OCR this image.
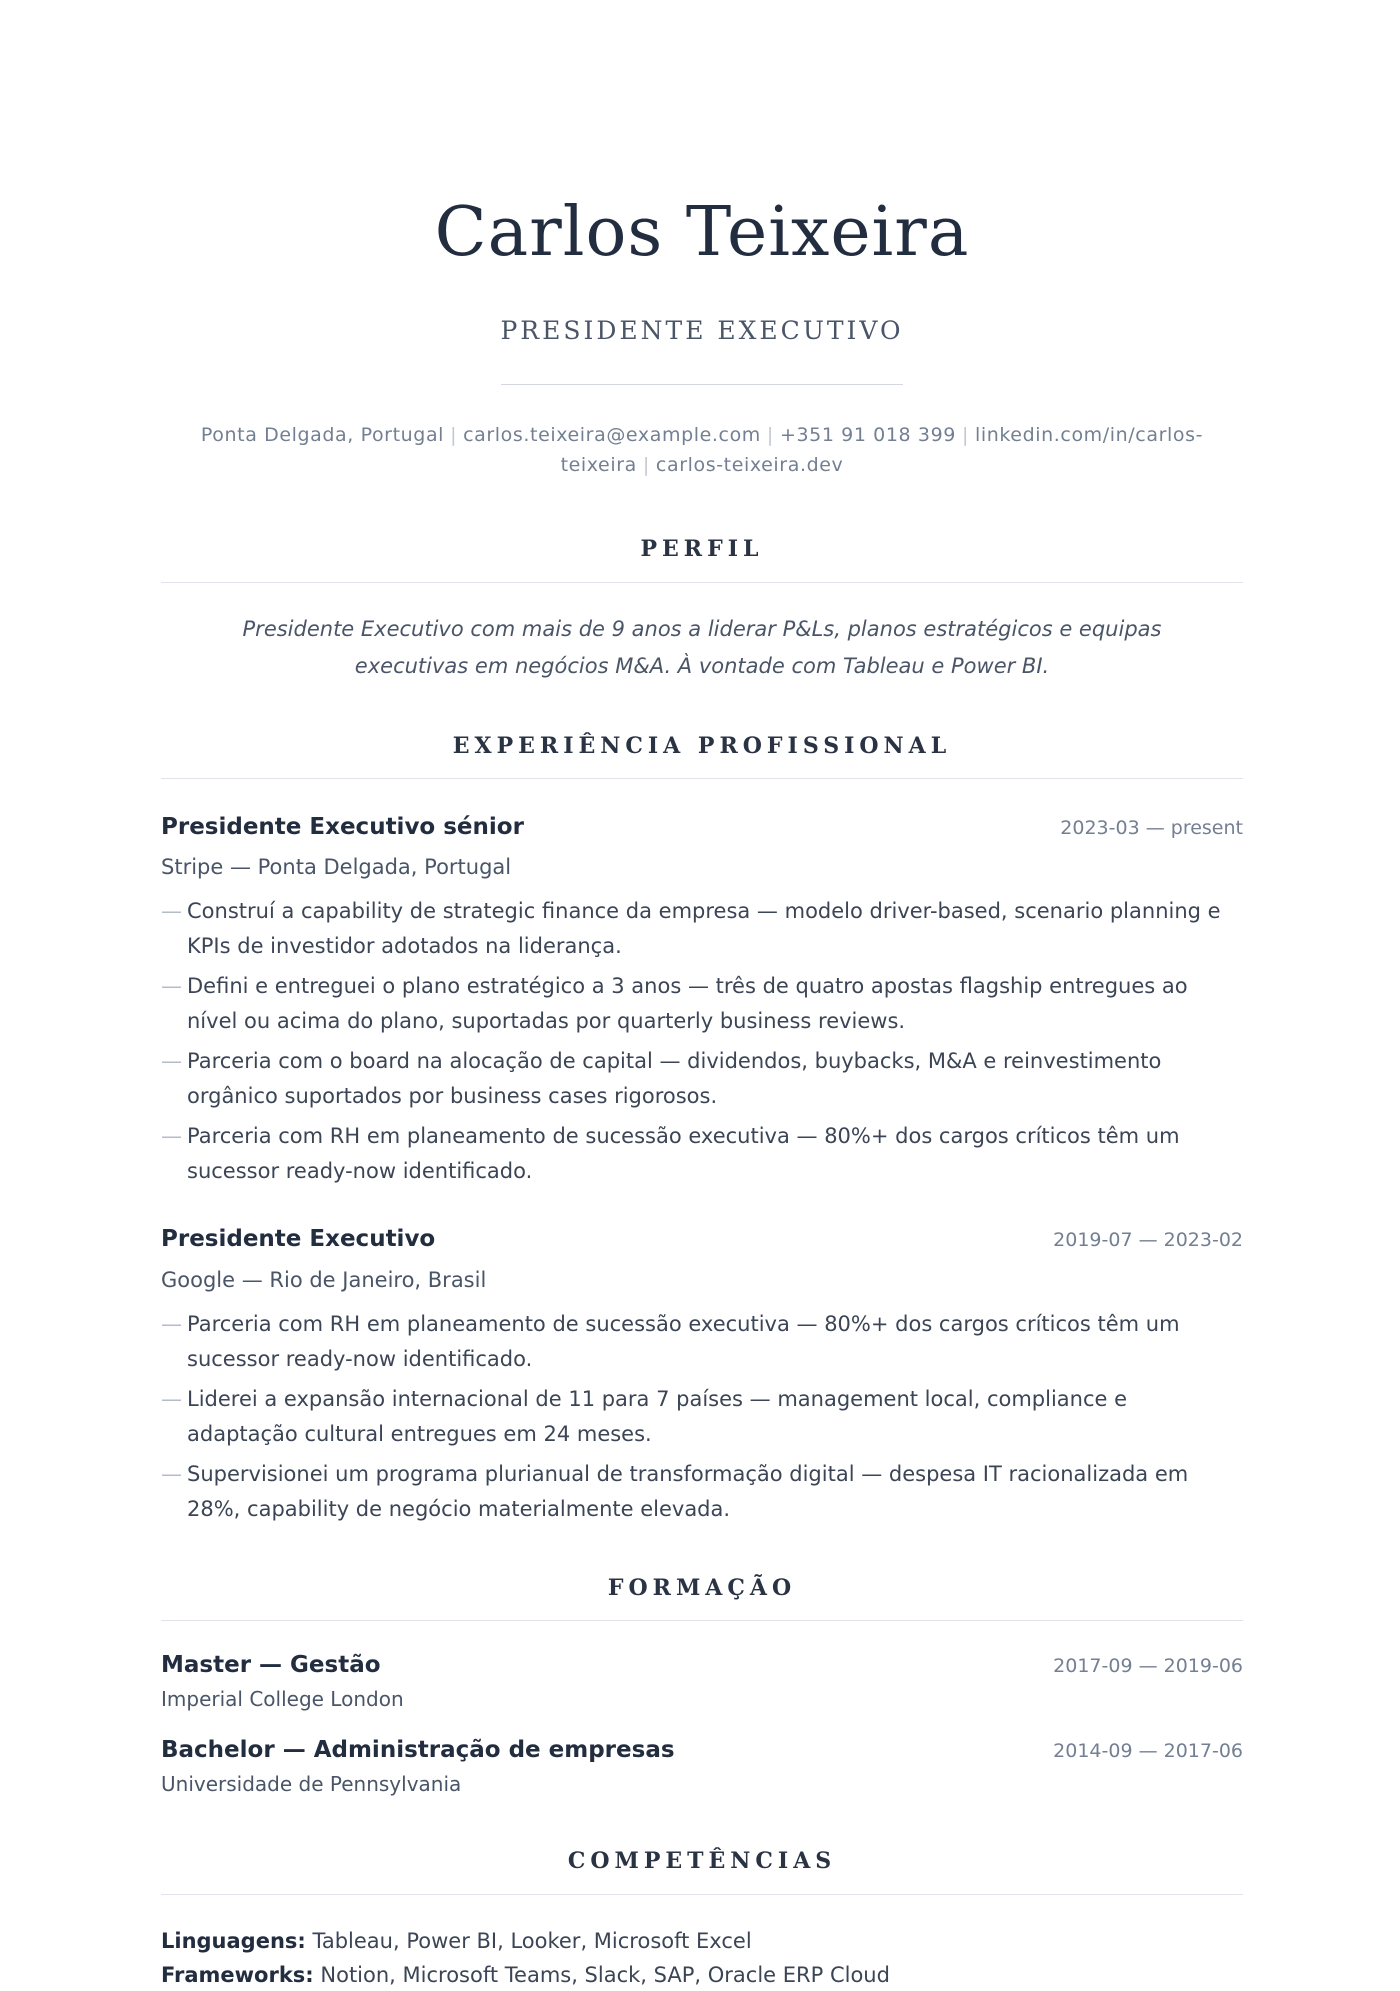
Carlos Teixeira
PRESIDENTE EXECUTIVO
Ponta Delgada, Portugal | carlos.teixeira@example.com | +351 91 018 399 | linkedin.com/in/carlos-
teixeira | carlos-teixeira.dev
PERFIL
Presidente Executivo com mais de 9 anos a liderar P&Ls, planos estratégicos e equipas
executivas em negócios M&A. À vontade com Tableau e Power BI.
EXPERIÊNCIA PROFISSIONAL
Presidente Executivo sénior	2023-03 — present
Stripe — Ponta Delgada, Portugal
— Construí a capability de strategic finance da empresa — modelo driver-based, scenario planning e KPIs de investidor adotados na liderança.
— Defini e entreguei o plano estratégico a 3 anos — três de quatro apostas flagship entregues ao nível ou acima do plano, suportadas por quarterly business reviews.
— Parceria com o board na alocação de capital — dividendos, buybacks, M&A e reinvestimento orgânico suportados por business cases rigorosos.
— Parceria com RH em planeamento de sucessão executiva — 80%+ dos cargos críticos têm um sucessor ready-now identificado.
Presidente Executivo	2019-07 — 2023-02
Google — Rio de Janeiro, Brasil
— Parceria com RH em planeamento de sucessão executiva — 80%+ dos cargos críticos têm um sucessor ready-now identificado.
— Liderei a expansão internacional de 11 para 7 países — management local, compliance e adaptação cultural entregues em 24 meses.
— Supervisionei um programa plurianual de transformação digital — despesa IT racionalizada em 28%, capability de negócio materialmente elevada.
FORMAÇÃO
Master — Gestão	2017-09 — 2019-06
Imperial College London
Bachelor — Administração de empresas	2014-09 — 2017-06
Universidade de Pennsylvania
COMPETÊNCIAS
Linguagens: Tableau, Power BI, Looker, Microsoft Excel
Frameworks: Notion, Microsoft Teams, Slack, SAP, Oracle ERP Cloud
